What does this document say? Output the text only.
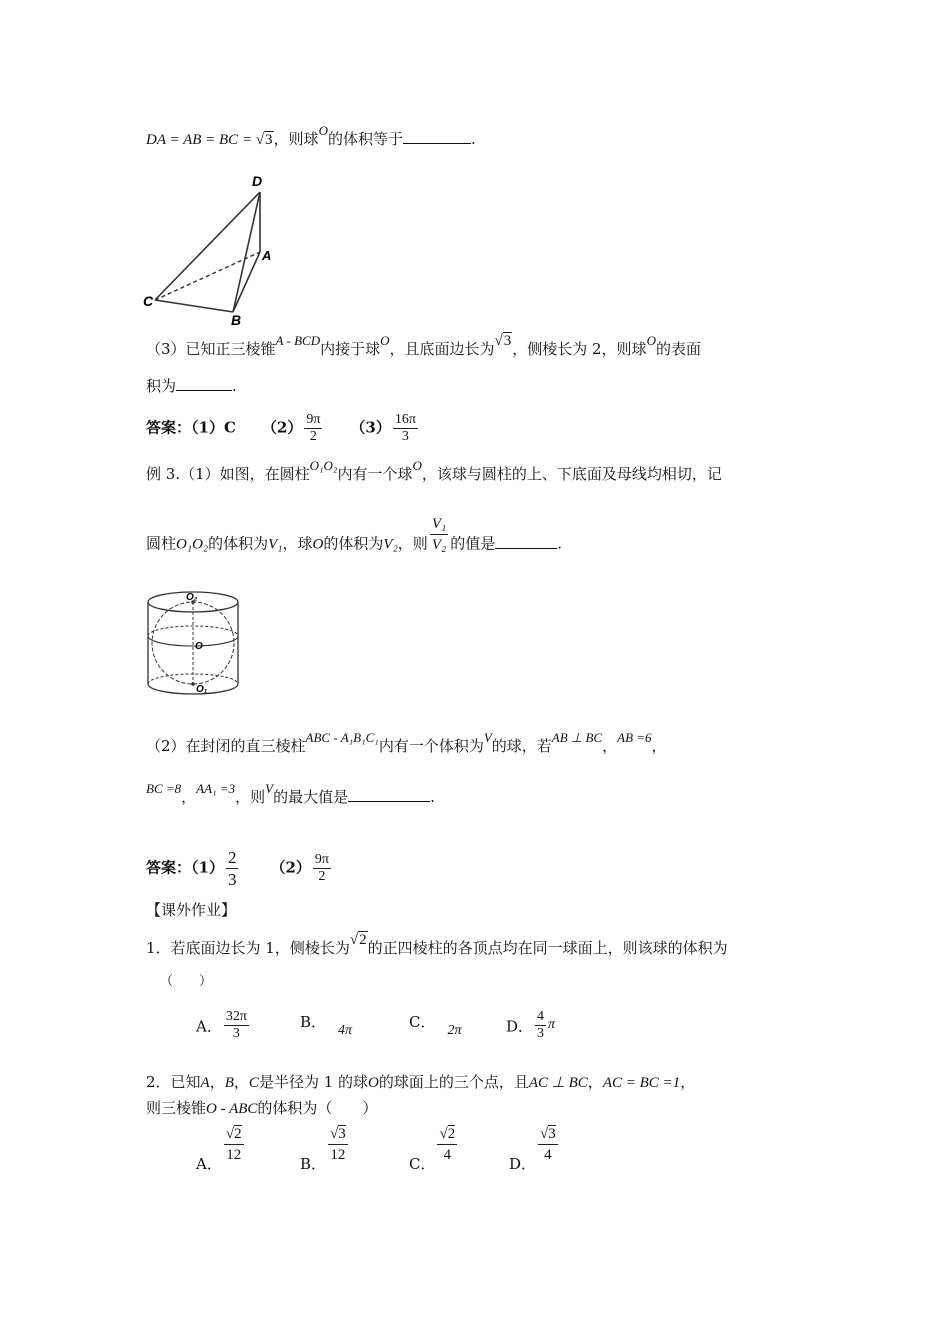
DA = AB = BC = √3，则球O的体积等于	.
D
A
C
B
（3）已知正三棱锥A - BCD内接于球O，且底面边长为√3，侧棱长为 2，则球O的表面
积为	.
答案：（1）C $(2) \frac{9\pi}{2} (3) \frac{16\pi}{3}$
例 3.（1）如图，在圆柱O₁O₂内有一个球O，该球与圆柱的上、下底面及母线均相切，记
圆柱O₁O₂的体积为V₁，球O的体积为V₂，则 $\frac{\text{V₁}}{\text{V₂}}$ 的值是	.
O₂
O
O₁
（2）在封闭的直三棱柱ABC - A₁B₁C₁内有一个体积为V的球，若AB ⊥ BC，AB =6，
BC =8，AA₁ =3，则V的最大值是	.
答案：$(1) \frac{2}{3} (2) \frac{9\pi}{2}$
【课外作业】
1．若底面边长为 1，侧棱长为√2的正四棱柱的各顶点均在同一球面上，则该球的体积为
（　　）
A． $\frac{32\pi}{3}$	B． 4π	C． 2π	D． $\frac{4}{3}$ π
2．已知A，B，C是半径为 1 的球O的球面上的三个点，且AC ⊥ BC，AC = BC =1，
则三棱锥O - ABC的体积为（　　）
A． $\frac{√2}{12}$	B． $\frac{√3}{12}$	C． $\frac{√2}{4}$	D． $\frac{√3}{4}$
